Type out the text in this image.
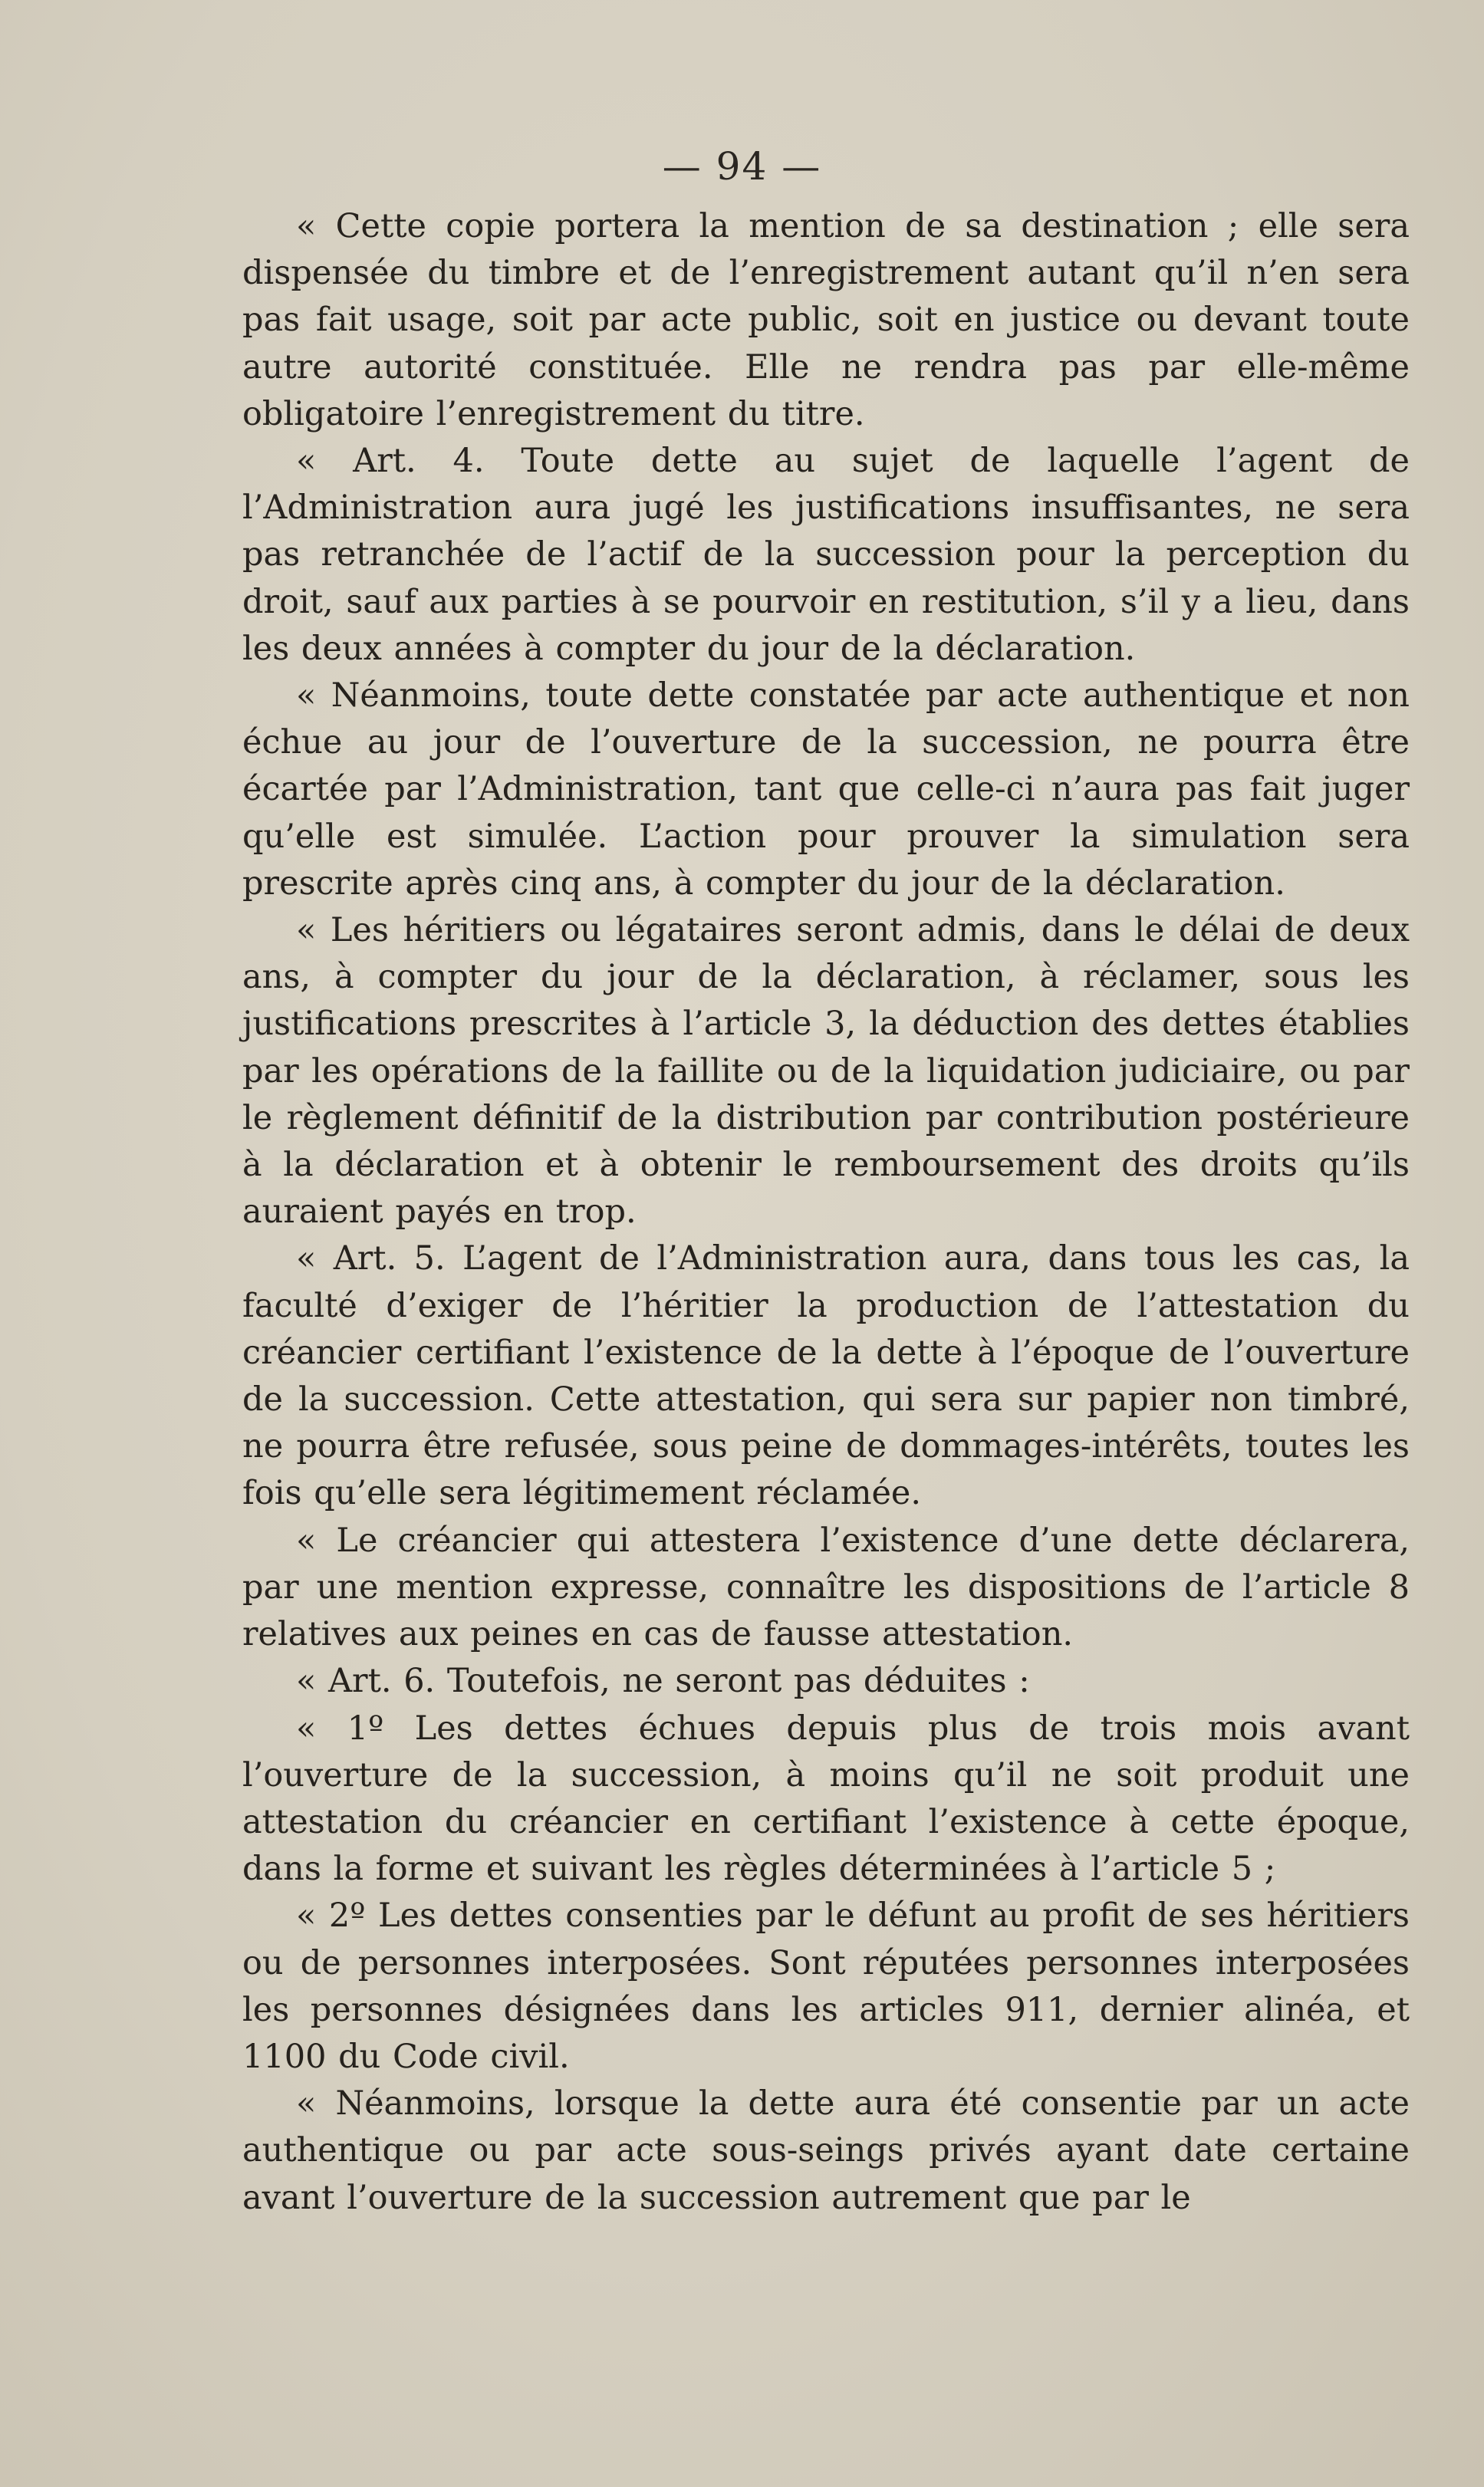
— 94 —

« Cette copie portera la mention de sa destination ; elle sera dispensée du timbre et de l’enregistrement autant qu’il n’en sera pas fait usage, soit par acte public, soit en justice ou devant toute autre autorité constituée. Elle ne rendra pas par elle-même obligatoire l’enregistrement du titre.

« Art. 4. Toute dette au sujet de laquelle l’agent de l’Administration aura jugé les justifications insuffisantes, ne sera pas retranchée de l’actif de la succession pour la perception du droit, sauf aux parties à se pourvoir en restitution, s’il y a lieu, dans les deux années à compter du jour de la déclaration.

« Néanmoins, toute dette constatée par acte authentique et non échue au jour de l’ouverture de la succession, ne pourra être écartée par l’Administration, tant que celle-ci n’aura pas fait juger qu’elle est simulée. L’action pour prouver la simulation sera prescrite après cinq ans, à compter du jour de la déclaration.

« Les héritiers ou légataires seront admis, dans le délai de deux ans, à compter du jour de la déclaration, à réclamer, sous les justifications prescrites à l’article 3, la déduction des dettes établies par les opérations de la faillite ou de la liquidation judiciaire, ou par le règlement définitif de la distribution par contribution postérieure à la déclaration et à obtenir le remboursement des droits qu’ils auraient payés en trop.

« Art. 5. L’agent de l’Administration aura, dans tous les cas, la faculté d’exiger de l’héritier la production de l’attestation du créancier certifiant l’existence de la dette à l’époque de l’ouverture de la succession. Cette attestation, qui sera sur papier non timbré, ne pourra être refusée, sous peine de dommages-intérêts, toutes les fois qu’elle sera légitimement réclamée.

« Le créancier qui attestera l’existence d’une dette déclarera, par une mention expresse, connaître les dispositions de l’article 8 relatives aux peines en cas de fausse attestation.

« Art. 6. Toutefois, ne seront pas déduites :

« 1º Les dettes échues depuis plus de trois mois avant l’ouverture de la succession, à moins qu’il ne soit produit une attestation du créancier en certifiant l’existence à cette époque, dans la forme et suivant les règles déterminées à l’article 5 ;

« 2º Les dettes consenties par le défunt au profit de ses héritiers ou de personnes interposées. Sont réputées personnes interposées les personnes désignées dans les articles 911, dernier alinéa, et 1100 du Code civil.

« Néanmoins, lorsque la dette aura été consentie par un acte authentique ou par acte sous-seings privés ayant date certaine avant l’ouverture de la succession autrement que par le
